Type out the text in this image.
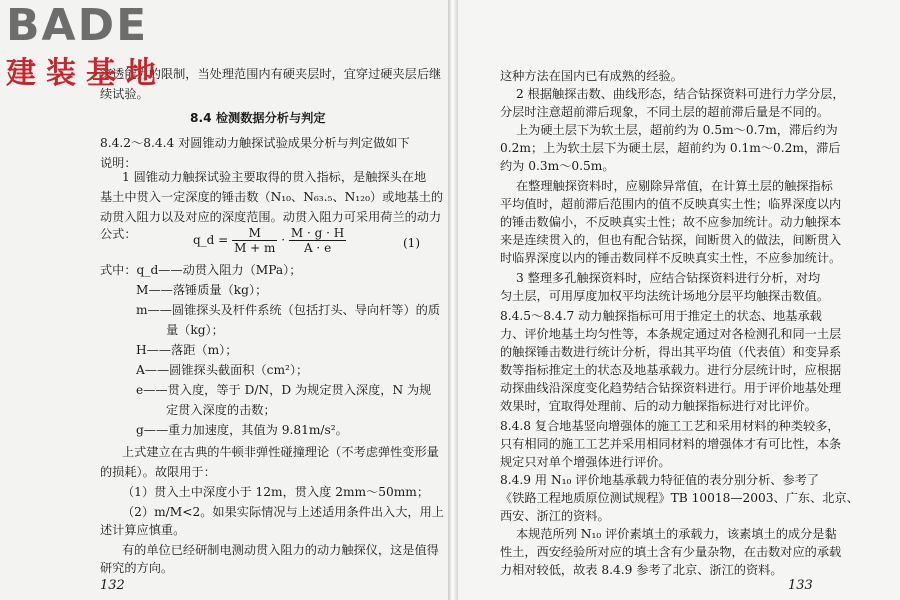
穿透能力的限制，当处理范围内有硬夹层时，宜穿过硬夹层后继
续试验。
8.4 检测数据分析与判定
8.4.2～8.4.4 对圆锥动力触探试验成果分析与判定做如下
说明：
1 圆锥动力触探试验主要取得的贯入指标，是触探头在地
基土中贯入一定深度的锤击数（N₁₀、N₆₃.₅、N₁₂₀）或地基土的
动贯入阻力以及对应的深度范围。动贯入阻力可采用荷兰的动力
公式：	q_d = $\frac{M}{M + m} \cdot \frac{M \cdot g \cdot H}{A \cdot e}$	(1)
式中：q_d——动贯入阻力（MPa）；
M——落锤质量（kg）；
m——圆锥探头及杆件系统（包括打头、导向杆等）的质
量（kg）；
H——落距（m）；
A——圆锥探头截面积（cm²）；
e——贯入度，等于 D/N，D 为规定贯入深度，N 为规
定贯入深度的击数；
g——重力加速度，其值为 9.81m/s²。
上式建立在古典的牛顿非弹性碰撞理论（不考虑弹性变形量
的损耗）。故限用于：
（1）贯入土中深度小于 12m，贯入度 2mm～50mm；
（2）m/M<2。如果实际情况与上述适用条件出入大，用上
述计算应慎重。
有的单位已经研制电测动贯入阻力的动力触探仪，这是值得
研究的方向。
132
这种方法在国内已有成熟的经验。
2 根据触探击数、曲线形态，结合钻探资料可进行力学分层，
分层时注意超前滞后现象，不同土层的超前滞后量是不同的。
上为硬土层下为软土层，超前约为 0.5m～0.7m，滞后约为
0.2m；上为软土层下为硬土层，超前约为 0.1m～0.2m，滞后
约为 0.3m～0.5m。
在整理触探资料时，应剔除异常值，在计算土层的触探指标
平均值时，超前滞后范围内的值不反映真实土性；临界深度以内
的锤击数偏小，不反映真实土性；故不应参加统计。动力触探本
来是连续贯入的，但也有配合钻探，间断贯入的做法，间断贯入
时临界深度以内的锤击数同样不反映真实土性，不应参加统计。
3 整理多孔触探资料时，应结合钻探资料进行分析，对均
匀土层，可用厚度加权平均法统计场地分层平均触探击数值。
8.4.5～8.4.7 动力触探指标可用于推定土的状态、地基承载
力、评价地基土均匀性等，本条规定通过对各检测孔和同一土层
的触探锤击数进行统计分析，得出其平均值（代表值）和变异系
数等指标推定土的状态及地基承载力。进行分层统计时，应根据
动探曲线沿深度变化趋势结合钻探资料进行。用于评价地基处理
效果时，宜取得处理前、后的动力触探指标进行对比评价。
8.4.8 复合地基竖向增强体的施工工艺和采用材料的种类较多，
只有相同的施工工艺并采用相同材料的增强体才有可比性，本条
规定只对单个增强体进行评价。
8.4.9 用 N₁₀ 评价地基承载力特征值的表分别分析、参考了
《铁路工程地质原位测试规程》TB 10018—2003、广东、北京、
西安、浙江的资料。
本规范所列 N₁₀ 评价素填土的承载力，该素填土的成分是黏
性土，西安经验所对应的填土含有少量杂物，在击数对应的承载
力相对较低，故表 8.4.9 参考了北京、浙江的资料。
133
BADE
建装基地
